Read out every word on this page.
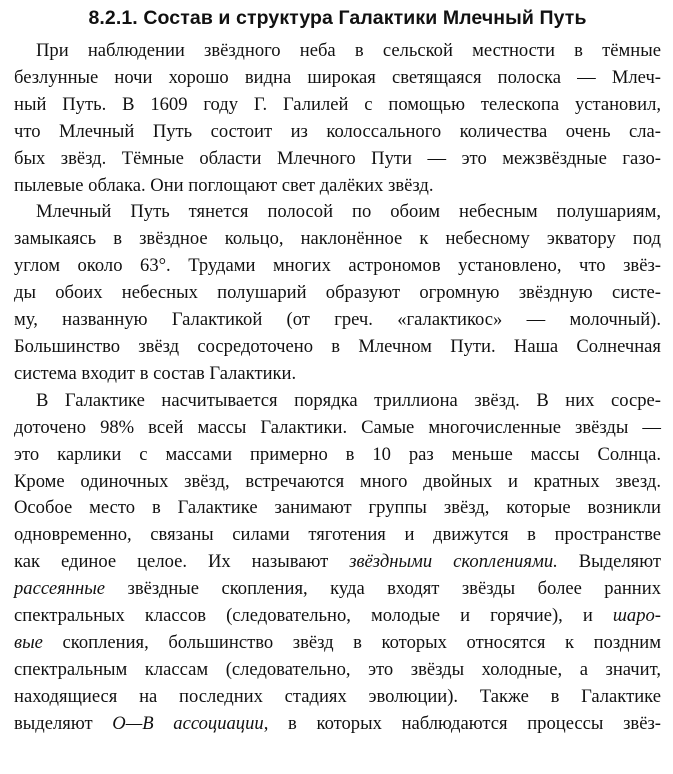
8.2.1. Состав и структура Галактики Млечный Путь

При наблюдении звёздного неба в сельской местности в тёмные
безлунные ночи хорошо видна широкая светящаяся полоска — Млеч-
ный Путь. В 1609 году Г. Галилей с помощью телескопа установил,
что Млечный Путь состоит из колоссального количества очень сла-
бых звёзд. Тёмные области Млечного Пути — это межзвёздные газо-
пылевые облака. Они поглощают свет далёких звёзд.

Млечный Путь тянется полосой по обоим небесным полушариям,
замыкаясь в звёздное кольцо, наклонённое к небесному экватору под
углом около 63°. Трудами многих астрономов установлено, что звёз-
ды обоих небесных полушарий образуют огромную звёздную систе-
му, названную Галактикой (от греч. «галактикос» — молочный).
Большинство звёзд сосредоточено в Млечном Пути. Наша Солнечная
система входит в состав Галактики.

В Галактике насчитывается порядка триллиона звёзд. В них сосре-
доточено 98% всей массы Галактики. Самые многочисленные звёзды —
это карлики с массами примерно в 10 раз меньше массы Солнца.
Кроме одиночных звёзд, встречаются много двойных и кратных звезд.
Особое место в Галактике занимают группы звёзд, которые возникли
одновременно, связаны силами тяготения и движутся в пространстве
как единое целое. Их называют звёздными скоплениями. Выделяют
рассеянные звёздные скопления, куда входят звёзды более ранних
спектральных классов (следовательно, молодые и горячие), и шаро-
вые скопления, большинство звёзд в которых относятся к поздним
спектральным классам (следовательно, это звёзды холодные, а значит,
находящиеся на последних стадиях эволюции). Также в Галактике
выделяют O—B ассоциации, в которых наблюдаются процессы звёз-
